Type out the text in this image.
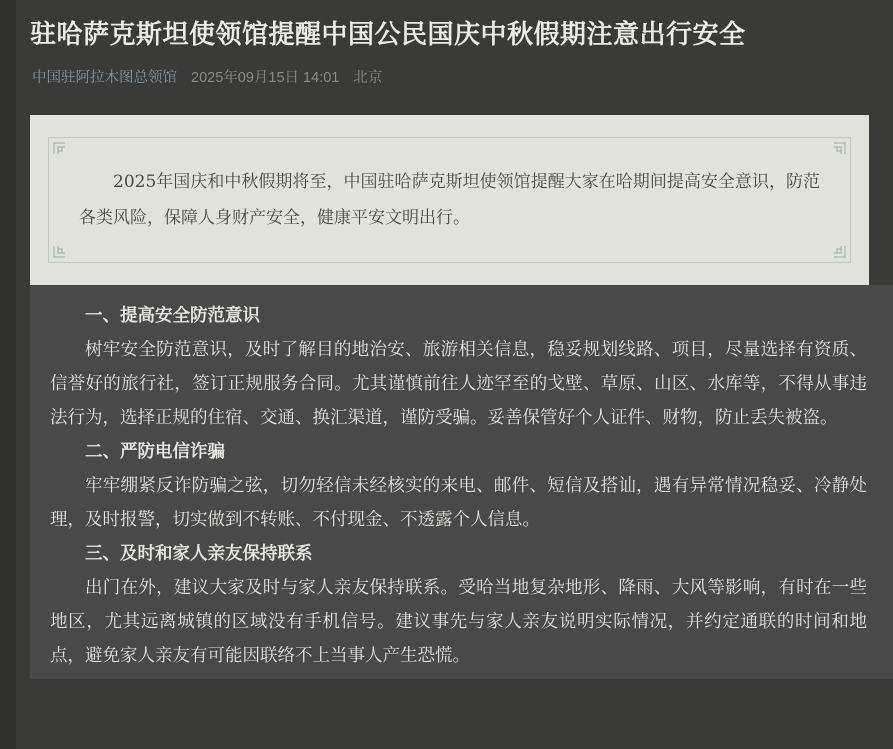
驻哈萨克斯坦使领馆提醒中国公民国庆中秋假期注意出行安全
中国驻阿拉木图总领馆 2025年09月15日 14:01 北京
2025年国庆和中秋假期将至，中国驻哈萨克斯坦使领馆提醒大家在哈期间提高安全意识，防范各类风险，保障人身财产安全，健康平安文明出行。
一、提高安全防范意识
树牢安全防范意识，及时了解目的地治安、旅游相关信息，稳妥规划线路、项目，尽量选择有资质、信誉好的旅行社，签订正规服务合同。尤其谨慎前往人迹罕至的戈壁、草原、山区、水库等，不得从事违法行为，选择正规的住宿、交通、换汇渠道，谨防受骗。妥善保管好个人证件、财物，防止丢失被盗。
二、严防电信诈骗
牢牢绷紧反诈防骗之弦，切勿轻信未经核实的来电、邮件、短信及搭讪，遇有异常情况稳妥、冷静处理，及时报警，切实做到不转账、不付现金、不透露个人信息。
三、及时和家人亲友保持联系
出门在外，建议大家及时与家人亲友保持联系。受哈当地复杂地形、降雨、大风等影响，有时在一些地区，尤其远离城镇的区域没有手机信号。建议事先与家人亲友说明实际情况，并约定通联的时间和地点，避免家人亲友有可能因联络不上当事人产生恐慌。
